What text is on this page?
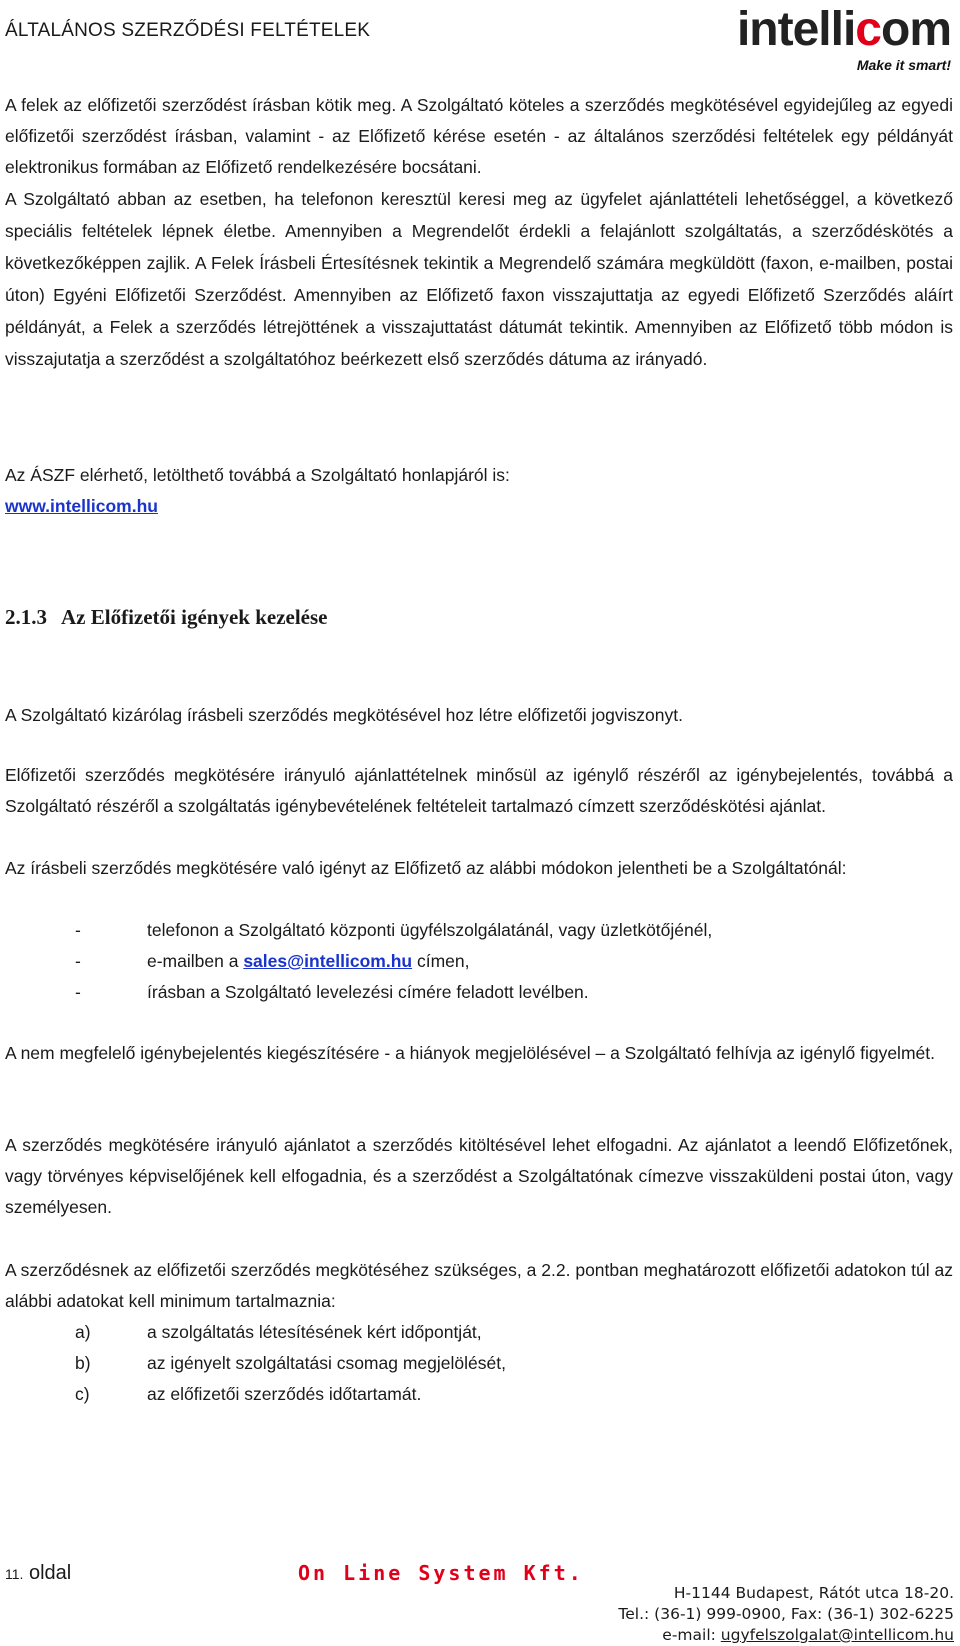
ÁLTALÁNOS SZERZŐDÉSI FELTÉTELEK	intellicom
Make it smart!

A felek az előfizetői szerződést írásban kötik meg. A Szolgáltató köteles a szerződés megkötésével egyidejűleg az egyedi előfizetői szerződést írásban, valamint - az Előfizető kérése esetén - az általános szerződési feltételek egy példányát elektronikus formában az Előfizető rendelkezésére bocsátani.

A Szolgáltató abban az esetben, ha telefonon keresztül keresi meg az ügyfelet ajánlattételi lehetőséggel, a következő speciális feltételek lépnek életbe. Amennyiben a Megrendelőt érdekli a felajánlott szolgáltatás, a szerződéskötés a következőképpen zajlik. A Felek Írásbeli Értesítésnek tekintik a Megrendelő számára megküldött (faxon, e-mailben, postai úton) Egyéni Előfizetői Szerződést. Amennyiben az Előfizető faxon visszajuttatja az egyedi Előfizető Szerződés aláírt példányát, a Felek a szerződés létrejöttének a visszajuttatást dátumát tekintik. Amennyiben az Előfizető több módon is visszajutatja a szerződést a szolgáltatóhoz beérkezett első szerződés dátuma az irányadó.

Az ÁSZF elérhető, letölthető továbbá a Szolgáltató honlapjáról is:
www.intellicom.hu

2.1.3 Az Előfizetői igények kezelése

A Szolgáltató kizárólag írásbeli szerződés megkötésével hoz létre előfizetői jogviszonyt.

Előfizetői szerződés megkötésére irányuló ajánlattételnek minősül az igénylő részéről az igénybejelentés, továbbá a Szolgáltató részéről a szolgáltatás igénybevételének feltételeit tartalmazó címzett szerződéskötési ajánlat.

Az írásbeli szerződés megkötésére való igényt az Előfizető az alábbi módokon jelentheti be a Szolgáltatónál:

-	telefonon a Szolgáltató központi ügyfélszolgálatánál, vagy üzletkötőjénél,
-	e-mailben a sales@intellicom.hu címen,
-	írásban a Szolgáltató levelezési címére feladott levélben.

A nem megfelelő igénybejelentés kiegészítésére - a hiányok megjelölésével – a Szolgáltató felhívja az igénylő figyelmét.

A szerződés megkötésére irányuló ajánlatot a szerződés kitöltésével lehet elfogadni. Az ajánlatot a leendő Előfizetőnek, vagy törvényes képviselőjének kell elfogadnia, és a szerződést a Szolgáltatónak címezve visszaküldeni postai úton, vagy személyesen.

A szerződésnek az előfizetői szerződés megkötéséhez szükséges, a 2.2. pontban meghatározott előfizetői adatokon túl az alábbi adatokat kell minimum tartalmaznia:

a)	a szolgáltatás létesítésének kért időpontját,
b)	az igényelt szolgáltatási csomag megjelölését,
c)	az előfizetői szerződés időtartamát.
11. oldal	On Line System Kft.
H-1144 Budapest, Rátót utca 18-20.
Tel.: (36-1) 999-0900, Fax: (36-1) 302-6225
e-mail: ugyfelszolgalat@intellicom.hu
